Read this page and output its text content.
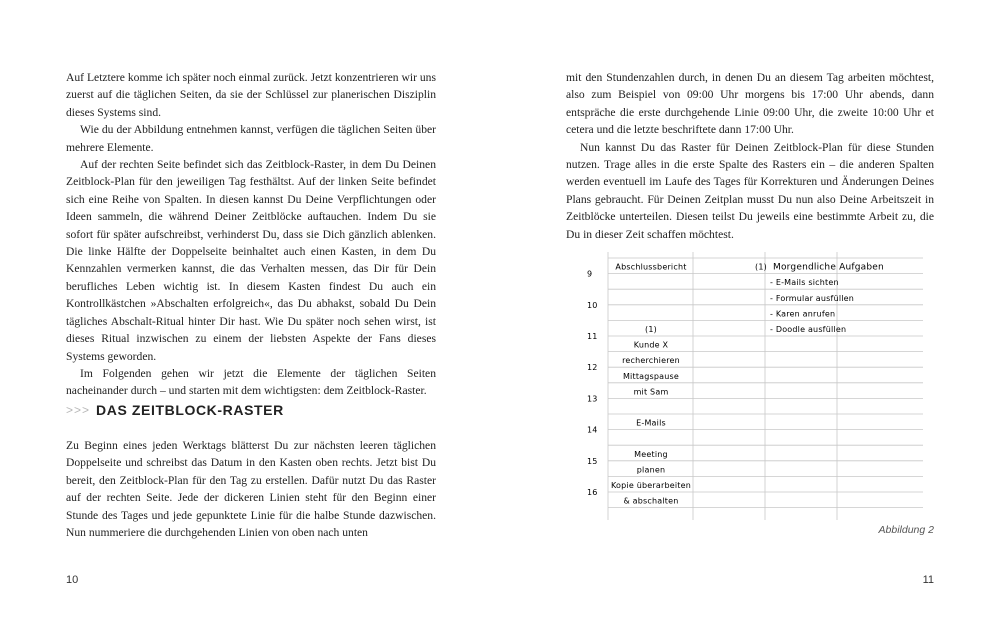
Auf Letztere komme ich später noch einmal zurück. Jetzt konzentrieren wir uns zuerst auf die täglichen Seiten, da sie der Schlüssel zur planerischen Disziplin dieses Systems sind.

Wie du der Abbildung entnehmen kannst, verfügen die täglichen Seiten über mehrere Elemente.

Auf der rechten Seite befindet sich das Zeitblock-Raster, in dem Du Deinen Zeitblock-Plan für den jeweiligen Tag festhältst. Auf der linken Seite befindet sich eine Reihe von Spalten. In diesen kannst Du Deine Verpflichtungen oder Ideen sammeln, die während Deiner Zeitblöcke auftauchen. Indem Du sie sofort für später aufschreibst, verhinderst Du, dass sie Dich gänzlich ablenken. Die linke Hälfte der Doppelseite beinhaltet auch einen Kasten, in dem Du Kennzahlen vermerken kannst, die das Verhalten messen, das Dir für Dein berufliches Leben wichtig ist. In diesem Kasten findest Du auch ein Kontrollkästchen »Abschalten erfolgreich«, das Du abhakst, sobald Du Dein tägliches Abschalt-Ritual hinter Dir hast. Wie Du später noch sehen wirst, ist dieses Ritual inzwischen zu einem der liebsten Aspekte der Fans dieses Systems geworden.

Im Folgenden gehen wir jetzt die Elemente der täglichen Seiten nacheinander durch – und starten mit dem wichtigsten: dem Zeitblock-Raster.

>>> DAS ZEITBLOCK-RASTER

Zu Beginn eines jeden Werktags blätterst Du zur nächsten leeren täglichen Doppelseite und schreibst das Datum in den Kasten oben rechts. Jetzt bist Du bereit, den Zeitblock-Plan für den Tag zu erstellen. Dafür nutzt Du das Raster auf der rechten Seite. Jede der dickeren Linien steht für den Beginn einer Stunde des Tages und jede gepunktete Linie für die halbe Stunde dazwischen. Nun nummeriere die durchgehenden Linien von oben nach unten

10

mit den Stundenzahlen durch, in denen Du an diesem Tag arbeiten möchtest, also zum Beispiel von 09:00 Uhr morgens bis 17:00 Uhr abends, dann entspräche die erste durchgehende Linie 09:00 Uhr, die zweite 10:00 Uhr et cetera und die letzte beschriftete dann 17:00 Uhr.

Nun kannst Du das Raster für Deinen Zeitblock-Plan für diese Stunden nutzen. Trage alles in die erste Spalte des Rasters ein – die anderen Spalten werden eventuell im Laufe des Tages für Korrekturen und Änderungen Deines Plans gebraucht. Für Deinen Zeitplan musst Du nun also Deine Arbeitszeit in Zeitblöcke unterteilen. Diesen teilst Du jeweils eine bestimmte Arbeit zu, die Du in dieser Zeit schaffen möchtest.

9
10
11
12
13
14
15
16
Abschlussbericht
(1)
Kunde X
recherchieren
Mittagspause
mit Sam
E-Mails
Meeting
planen
Kopie überarbeiten
& abschalten
(1) Morgendliche Aufgaben
- E-Mails sichten
- Formular ausfüllen
- Karen anrufen
- Doodle ausfüllen
Abbildung 2
11
